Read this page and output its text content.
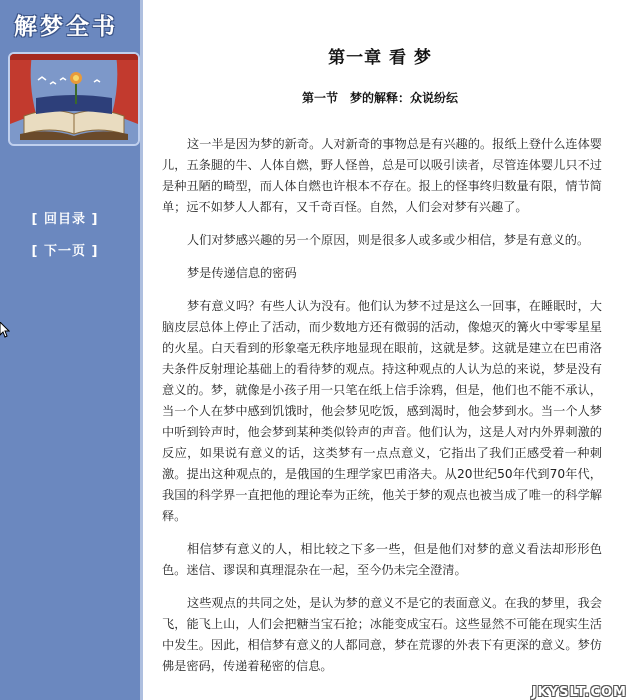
解梦全书
[ 回目录 ]
[ 下一页 ]
第一章 看 梦
第一节　梦的解释：众说纷纭

这一半是因为梦的新奇。人对新奇的事物总是有兴趣的。报纸上登什么连体婴儿，五条腿的牛、人体自燃，野人怪兽，总是可以吸引读者，尽管连体婴儿只不过是种丑陋的畸型，而人体自燃也许根本不存在。报上的怪事终归数量有限，情节简单；远不如梦人人都有，又千奇百怪。自然，人们会对梦有兴趣了。

人们对梦感兴趣的另一个原因，则是很多人或多或少相信，梦是有意义的。

梦是传递信息的密码

梦有意义吗？有些人认为没有。他们认为梦不过是这么一回事，在睡眠时，大脑皮层总体上停止了活动，而少数地方还有微弱的活动，像熄灭的篝火中零零星星的火星。白天看到的形象毫无秩序地显现在眼前，这就是梦。这就是建立在巴甫洛夫条件反射理论基础上的看待梦的观点。持这种观点的人认为总的来说，梦是没有意义的。梦，就像是小孩子用一只笔在纸上信手涂鸦，但是，他们也不能不承认，当一个人在梦中感到饥饿时，他会梦见吃饭，感到渴时，他会梦到水。当一个人梦中听到铃声时，他会梦到某种类似铃声的声音。他们认为，这是人对内外界刺激的反应，如果说有意义的话，这类梦有一点点意义，它指出了我们正感受着一种刺激。提出这种观点的，是俄国的生理学家巴甫洛夫。从20世纪50年代到70年代，我国的科学界一直把他的理论奉为正统，他关于梦的观点也被当成了唯一的科学解释。

相信梦有意义的人，相比较之下多一些，但是他们对梦的意义看法却形形色色。迷信、谬误和真理混杂在一起，至今仍未完全澄清。

这些观点的共同之处，是认为梦的意义不是它的表面意义。在我的梦里，我会飞，能飞上山，人们会把糖当宝石抢；冰能变成宝石。这些显然不可能在现实生活中发生。因此，相信梦有意义的人都同意，梦在荒谬的外表下有更深的意义。梦仿佛是密码，传递着秘密的信息。

JKYSLT.COM
